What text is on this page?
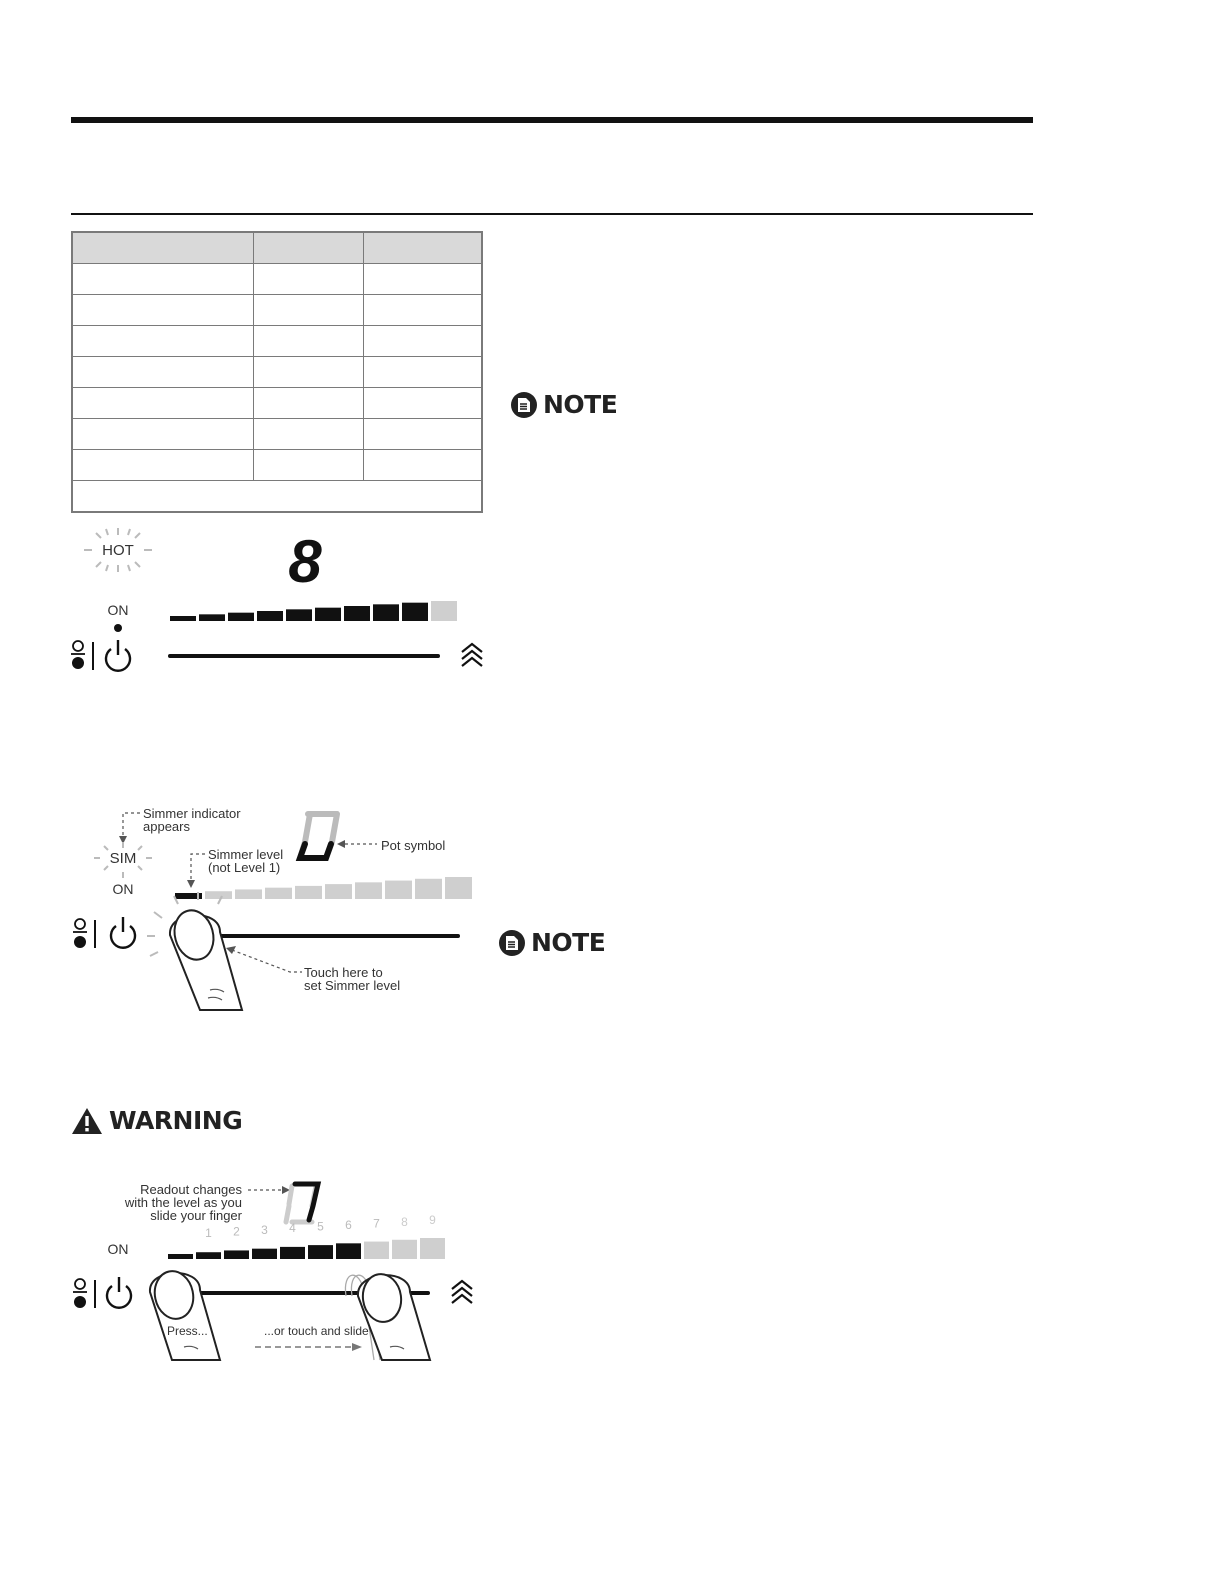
NOTE
HOT	8
ON
Simmer indicator
appears
SIM
ON
Simmer level
(not Level 1)
Pot symbol
Touch here to
set Simmer level
NOTE
WARNING
Readout changes
with the level as you
slide your finger
ON
1 2 3 4 5 6 7 8 9
Press...	...or touch and slide
